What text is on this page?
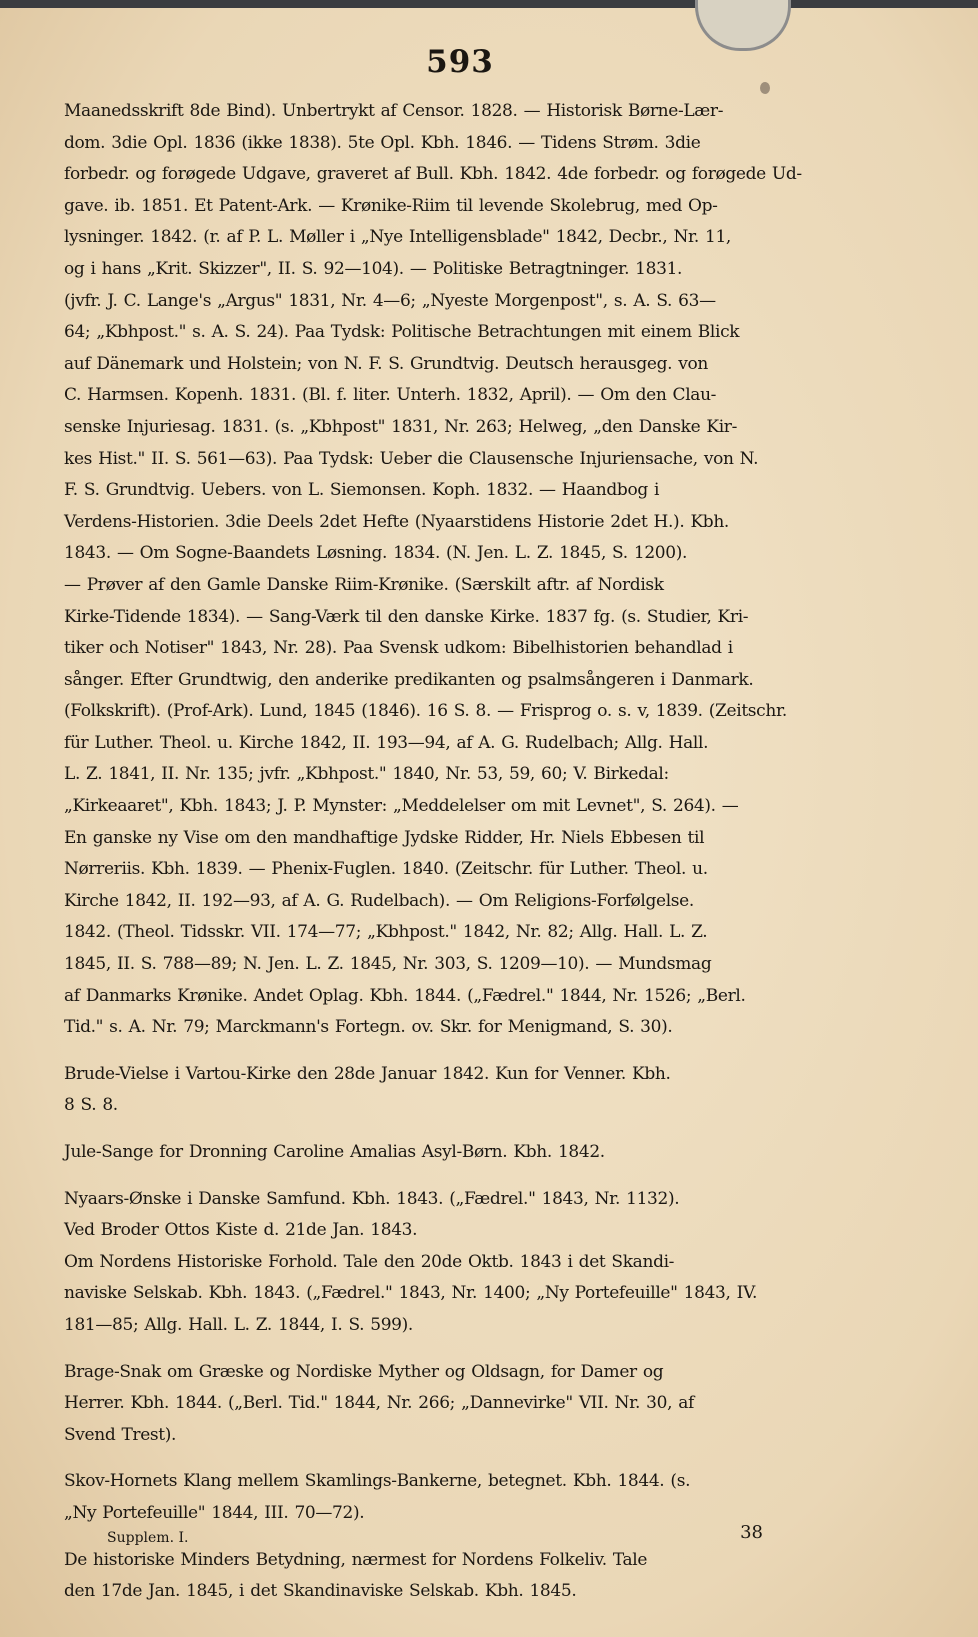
593
Maanedsskrift 8de Bind). Unbertrykt af Censor. 1828. — Historisk Børne-Lær-
dom. 3die Opl. 1836 (ikke 1838). 5te Opl. Kbh. 1846. — Tidens Strøm. 3die
forbedr. og forøgede Udgave, graveret af Bull. Kbh. 1842. 4de forbedr. og forøgede Ud-
gave. ib. 1851. Et Patent-Ark. — Krønike-Riim til levende Skolebrug, med Op-
lysninger. 1842. (r. af P. L. Møller i „Nye Intelligensblade" 1842, Decbr., Nr. 11,
og i hans „Krit. Skizzer", II. S. 92—104). — Politiske Betragtninger. 1831.
(jvfr. J. C. Lange's „Argus" 1831, Nr. 4—6; „Nyeste Morgenpost", s. A. S. 63—
64; „Kbhpost." s. A. S. 24). Paa Tydsk: Politische Betrachtungen mit einem Blick
auf Dänemark und Holstein; von N. F. S. Grundtvig. Deutsch herausgeg. von
C. Harmsen. Kopenh. 1831. (Bl. f. liter. Unterh. 1832, April). — Om den Clau-
senske Injuriesag. 1831. (s. „Kbhpost" 1831, Nr. 263; Helweg, „den Danske Kir-
kes Hist." II. S. 561—63). Paa Tydsk: Ueber die Clausensche Injuriensache, von N.
F. S. Grundtvig. Uebers. von L. Siemonsen. Koph. 1832. — Haandbog i
Verdens-Historien. 3die Deels 2det Hefte (Nyaarstidens Historie 2det H.). Kbh.
1843. — Om Sogne-Baandets Løsning. 1834. (N. Jen. L. Z. 1845, S. 1200).
— Prøver af den Gamle Danske Riim-Krønike. (Særskilt aftr. af Nordisk
Kirke-Tidende 1834). — Sang-Værk til den danske Kirke. 1837 fg. (s. Studier, Kri-
tiker och Notiser" 1843, Nr. 28). Paa Svensk udkom: Bibelhistorien behandlad i
sånger. Efter Grundtwig, den anderike predikanten og psalmsångeren i Danmark.
(Folkskrift). (Prof-Ark). Lund, 1845 (1846). 16 S. 8. — Frisprog o. s. v, 1839. (Zeitschr.
für Luther. Theol. u. Kirche 1842, II. 193—94, af A. G. Rudelbach; Allg. Hall.
L. Z. 1841, II. Nr. 135; jvfr. „Kbhpost." 1840, Nr. 53, 59, 60; V. Birkedal:
„Kirkeaaret", Kbh. 1843; J. P. Mynster: „Meddelelser om mit Levnet", S. 264). —
En ganske ny Vise om den mandhaftige Jydske Ridder, Hr. Niels Ebbesen til
Nørreriis. Kbh. 1839. — Phenix-Fuglen. 1840. (Zeitschr. für Luther. Theol. u.
Kirche 1842, II. 192—93, af A. G. Rudelbach). — Om Religions-Forfølgelse.
1842. (Theol. Tidsskr. VII. 174—77; „Kbhpost." 1842, Nr. 82; Allg. Hall. L. Z.
1845, II. S. 788—89; N. Jen. L. Z. 1845, Nr. 303, S. 1209—10). — Mundsmag
af Danmarks Krønike. Andet Oplag. Kbh. 1844. („Fædrel." 1844, Nr. 1526; „Berl.
Tid." s. A. Nr. 79; Marckmann's Fortegn. ov. Skr. for Menigmand, S. 30).
Brude-Vielse i Vartou-Kirke den 28de Januar 1842. Kun for Venner. Kbh.
8 S. 8.
Jule-Sange for Dronning Caroline Amalias Asyl-Børn. Kbh. 1842.
Nyaars-Ønske i Danske Samfund. Kbh. 1843. („Fædrel." 1843, Nr. 1132).
Ved Broder Ottos Kiste d. 21de Jan. 1843.
Om Nordens Historiske Forhold. Tale den 20de Oktb. 1843 i det Skandi-
naviske Selskab. Kbh. 1843. („Fædrel." 1843, Nr. 1400; „Ny Portefeuille" 1843, IV.
181—85; Allg. Hall. L. Z. 1844, I. S. 599).
Brage-Snak om Græske og Nordiske Myther og Oldsagn, for Damer og
Herrer. Kbh. 1844. („Berl. Tid." 1844, Nr. 266; „Dannevirke" VII. Nr. 30, af
Svend Trest).
Skov-Hornets Klang mellem Skamlings-Bankerne, betegnet. Kbh. 1844. (s.
„Ny Portefeuille" 1844, III. 70—72).
De historiske Minders Betydning, nærmest for Nordens Folkeliv. Tale
den 17de Jan. 1845, i det Skandinaviske Selskab. Kbh. 1845.
Supplem. I.	38
